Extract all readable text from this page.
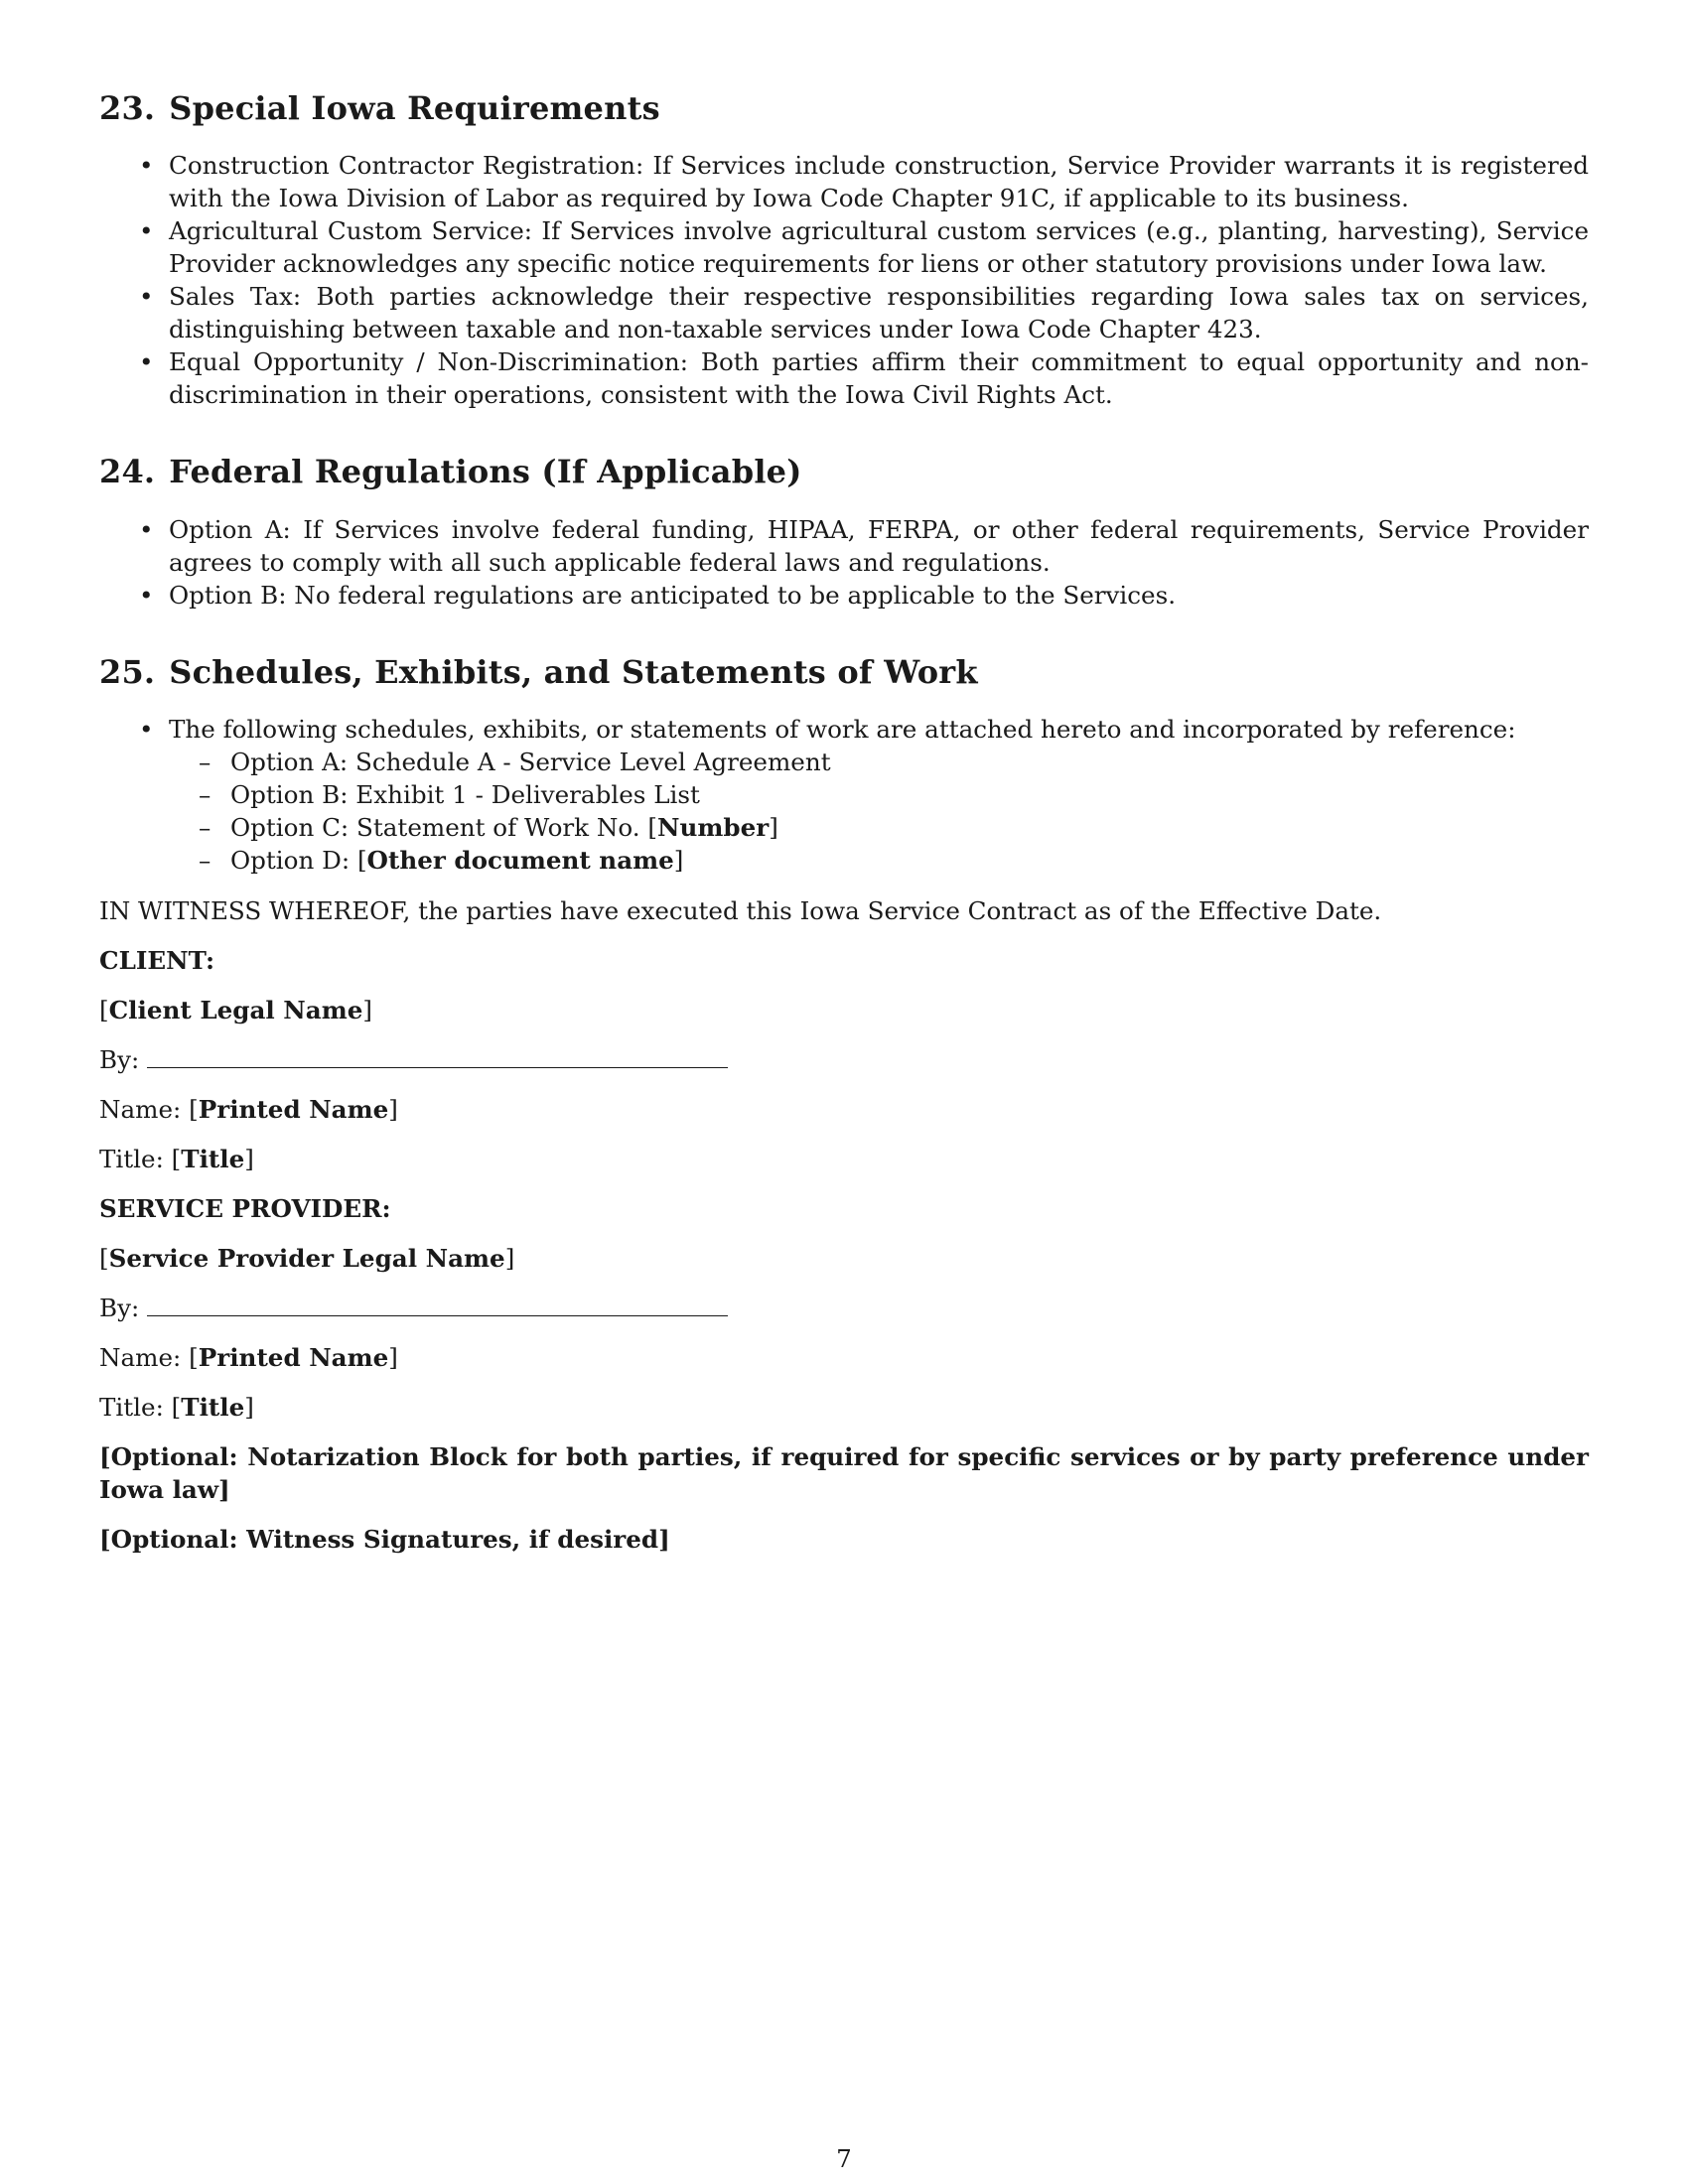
23. Special Iowa Requirements
• Construction Contractor Registration: If Services include construction, Service Provider warrants it is registered with the Iowa Division of Labor as required by Iowa Code Chapter 91C, if applicable to its business.
• Agricultural Custom Service: If Services involve agricultural custom services (e.g., planting, harvesting), Service Provider acknowledges any specific notice requirements for liens or other statutory provisions under Iowa law.
• Sales Tax: Both parties acknowledge their respective responsibilities regarding Iowa sales tax on services, distinguishing between taxable and non-taxable services under Iowa Code Chapter 423.
• Equal Opportunity / Non-Discrimination: Both parties affirm their commitment to equal opportunity and non-discrimination in their operations, consistent with the Iowa Civil Rights Act.
24. Federal Regulations (If Applicable)
• Option A: If Services involve federal funding, HIPAA, FERPA, or other federal requirements, Service Provider agrees to comply with all such applicable federal laws and regulations.
• Option B: No federal regulations are anticipated to be applicable to the Services.
25. Schedules, Exhibits, and Statements of Work
• The following schedules, exhibits, or statements of work are attached hereto and incorporated by reference:
– Option A: Schedule A - Service Level Agreement
– Option B: Exhibit 1 - Deliverables List
– Option C: Statement of Work No. [Number]
– Option D: [Other document name]

IN WITNESS WHEREOF, the parties have executed this Iowa Service Contract as of the Effective Date.

CLIENT:

[Client Legal Name]

By:

Name: [Printed Name]

Title: [Title]

SERVICE PROVIDER:

[Service Provider Legal Name]

By:

Name: [Printed Name]

Title: [Title]

[Optional: Notarization Block for both parties, if required for specific services or by party preference under Iowa law]

[Optional: Witness Signatures, if desired]

7
